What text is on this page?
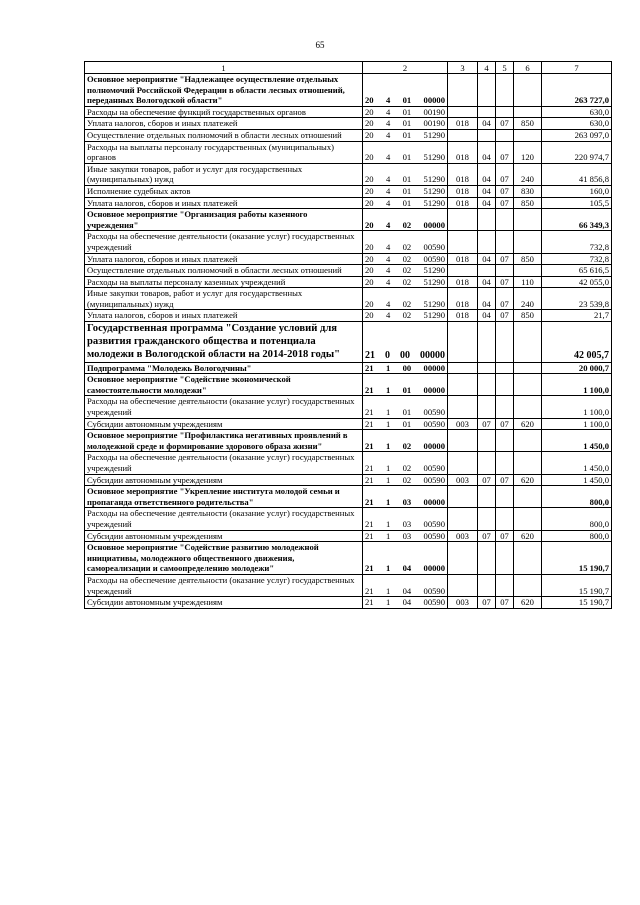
65
1	2	3	4	5	6	7
Основное мероприятие "Надлежащее осуществление отдельных полномочий Российской Федерации в области лесных отношений, переданных Вологодской области"	20 4 01 00000					263 727,0
Расходы на обеспечение функций государственных органов	20 4 01 00190					630,0
Уплата налогов, сборов и иных платежей	20 4 01 00190	018	04	07	850	630,0
Осуществление отдельных полномочий в области лесных отношений	20 4 01 51290					263 097,0
Расходы на выплаты персоналу государственных (муниципальных) органов	20 4 01 51290	018	04	07	120	220 974,7
Иные закупки товаров, работ и услуг для государственных (муниципальных) нужд	20 4 01 51290	018	04	07	240	41 856,8
Исполнение судебных актов	20 4 01 51290	018	04	07	830	160,0
Уплата налогов, сборов и иных платежей	20 4 01 51290	018	04	07	850	105,5
Основное мероприятие "Организация работы казенного учреждения"	20 4 02 00000					66 349,3
Расходы на обеспечение деятельности (оказание услуг) государственных учреждений	20 4 02 00590					732,8
Уплата налогов, сборов и иных платежей	20 4 02 00590	018	04	07	850	732,8
Осуществление отдельных полномочий в области лесных отношений	20 4 02 51290					65 616,5
Расходы на выплаты персоналу казенных учреждений	20 4 02 51290	018	04	07	110	42 055,0
Иные закупки товаров, работ и услуг для государственных (муниципальных) нужд	20 4 02 51290	018	04	07	240	23 539,8
Уплата налогов, сборов и иных платежей	20 4 02 51290	018	04	07	850	21,7
Государственная программа "Создание условий для развития гражданского общества и потенциала молодежи в Вологодской области на 2014-2018 годы"	21 0 00 00000					42 005,7
Подпрограмма "Молодежь Вологодчины"	21 1 00 00000					20 000,7
Основное мероприятие "Содействие экономической самостоятельности молодежи"	21 1 01 00000					1 100,0
Расходы на обеспечение деятельности (оказание услуг) государственных учреждений	21 1 01 00590					1 100,0
Субсидии автономным учреждениям	21 1 01 00590	003	07	07	620	1 100,0
Основное мероприятие "Профилактика негативных проявлений в молодежной среде и формирование здорового образа жизни"	21 1 02 00000					1 450,0
Расходы на обеспечение деятельности (оказание услуг) государственных учреждений	21 1 02 00590					1 450,0
Субсидии автономным учреждениям	21 1 02 00590	003	07	07	620	1 450,0
Основное мероприятие "Укрепление института молодой семьи и пропаганда ответственного родительства"	21 1 03 00000					800,0
Расходы на обеспечение деятельности (оказание услуг) государственных учреждений	21 1 03 00590					800,0
Субсидии автономным учреждениям	21 1 03 00590	003	07	07	620	800,0
Основное мероприятие "Содействие развитию молодежной инициативы, молодежного общественного движения, самореализации и самоопределению молодежи"	21 1 04 00000					15 190,7
Расходы на обеспечение деятельности (оказание услуг) государственных учреждений	21 1 04 00590					15 190,7
Субсидии автономным учреждениям	21 1 04 00590	003	07	07	620	15 190,7
